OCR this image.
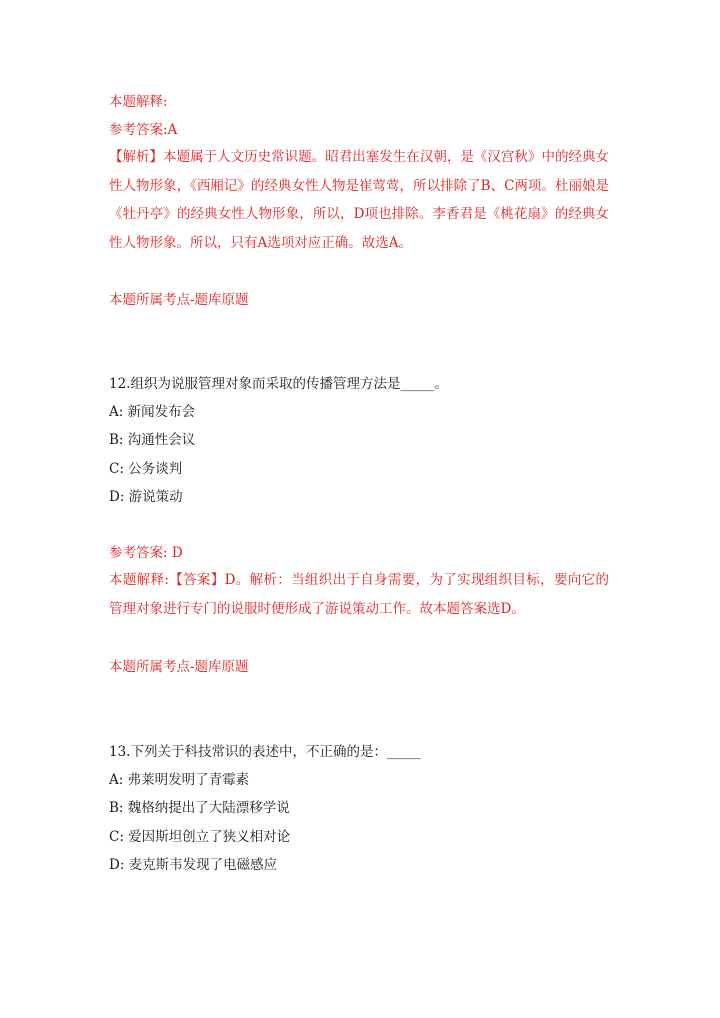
本题解释:
参考答案:A
【解析】本题属于人文历史常识题。昭君出塞发生在汉朝，是《汉宫秋》中的经典女性人物形象，《西厢记》的经典女性人物是崔莺莺，所以排除了B、C两项。杜丽娘是《牡丹亭》的经典女性人物形象，所以，D项也排除。李香君是《桃花扇》的经典女性人物形象。所以，只有A选项对应正确。故选A。
本题所属考点-题库原题
12.组织为说服管理对象而采取的传播管理方法是_____。
A: 新闻发布会
B: 沟通性会议
C: 公务谈判
D: 游说策动
参考答案: D
本题解释:【答案】D。解析：当组织出于自身需要，为了实现组织目标，要向它的管理对象进行专门的说服时便形成了游说策动工作。故本题答案选D。
本题所属考点-题库原题
13.下列关于科技常识的表述中，不正确的是：_____
A: 弗莱明发明了青霉素
B: 魏格纳提出了大陆漂移学说
C: 爱因斯坦创立了狭义相对论
D: 麦克斯韦发现了电磁感应
